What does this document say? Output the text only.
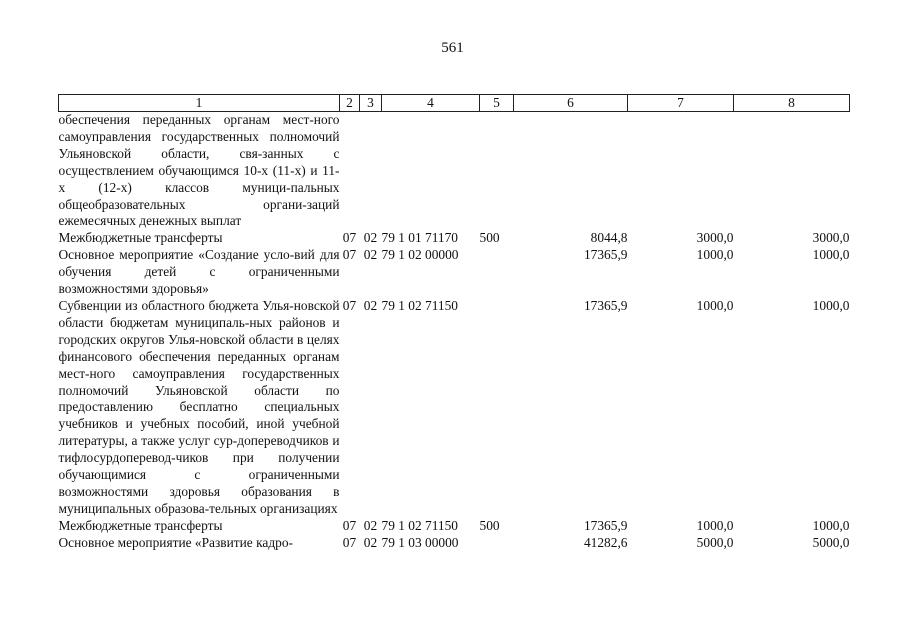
561
1	2	3	4	5	6	7	8
обеспечения переданных органам мест-ного самоуправления государственных полномочий Ульяновской области, свя-занных с осуществлением обучающимся 10-х (11-х) и 11-х (12-х) классов муници-пальных общеобразовательных органи-заций ежемесячных денежных выплат							
Межбюджетные трансферты	07	02	79 1 01 71170	500	8044,8	3000,0	3000,0
Основное мероприятие «Создание усло-вий для обучения детей с ограниченными возможностями здоровья»	07	02	79 1 02 00000		17365,9	1000,0	1000,0
Субвенции из областного бюджета Улья-новской области бюджетам муниципаль-ных районов и городских округов Улья-новской области в целях финансового обеспечения переданных органам мест-ного самоуправления государственных полномочий Ульяновской области по предоставлению бесплатно специальных учебников и учебных пособий, иной учебной литературы, а также услуг сур-допереводчиков и тифлосурдоперевод-чиков при получении обучающимися с ограниченными возможностями здоровья образования в муниципальных образова-тельных организациях	07	02	79 1 02 71150		17365,9	1000,0	1000,0
Межбюджетные трансферты	07	02	79 1 02 71150	500	17365,9	1000,0	1000,0
Основное мероприятие «Развитие кадро-	07	02	79 1 03 00000		41282,6	5000,0	5000,0
